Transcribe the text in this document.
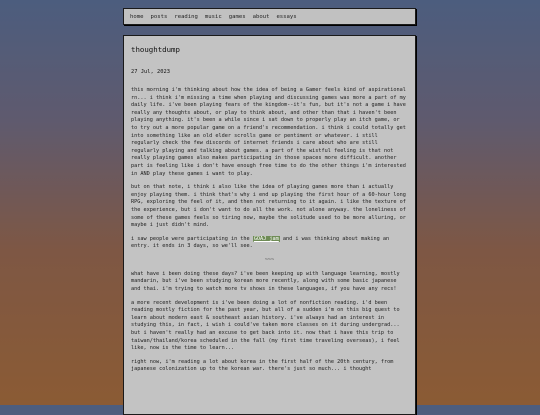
home posts reading music games about essays
thoughtdump
27 Jul, 2023

this morning i'm thinking about how the idea of being a Gamer feels kind of aspirational rn... i think i'm missing a time when playing and discussing games was more a part of my daily life. i've been playing fears of the kingdom--it's fun, but it's not a game i have really any thoughts about, or play to think about, and other than that i haven't been playing anything. it's been a while since i sat down to properly play an itch game, or to try out a more popular game on a friend's recommendation. i think i could totally get into something like an old elder scrolls game or pentiment or whatever. i still regularly check the few discords of internet friends i care about who are still regularly playing and talking about games. a part of the wistful feeling is that not really playing games also makes participating in those spaces more difficult. another part is feeling like i don't have enough free time to do the other things i'm interested in AND play these games i want to play.

but on that note, i think i also like the idea of playing games more than i actually enjoy playing them. i think that's why i end up playing the first hour of a 60-hour long RPG, exploring the feel of it, and then not returning to it again. i like the texture of the experience, but i don't want to do all the work. not alone anyway. the loneliness of some of these games feels so tiring now, maybe the solitude used to be more alluring, or maybe i just didn't mind.

i saw people were participating in the GOAJ jam and i was thinking about making an entry. it ends in 3 days, so we'll see.

~~~

what have i been doing these days? i've been keeping up with language learning, mostly mandarin, but i've been studying korean more recently, along with some basic japanese and thai. i'm trying to watch more tv shows in these languages, if you have any recs!

a more recent development is i've been doing a lot of nonfiction reading. i'd been reading mostly fiction for the past year, but all of a sudden i'm on this big quest to learn about modern east & southeast asian history. i've always had an interest in studying this, in fact, i wish i could've taken more classes on it during undergrad... but i haven't really had an excuse to get back into it. now that i have this trip to taiwan/thailand/korea scheduled in the fall (my first time traveling overseas), i feel like, now is the time to learn...

right now, i'm reading a lot about korea in the first half of the 20th century, from japanese colonization up to the korean war. there's just so much... i thought
